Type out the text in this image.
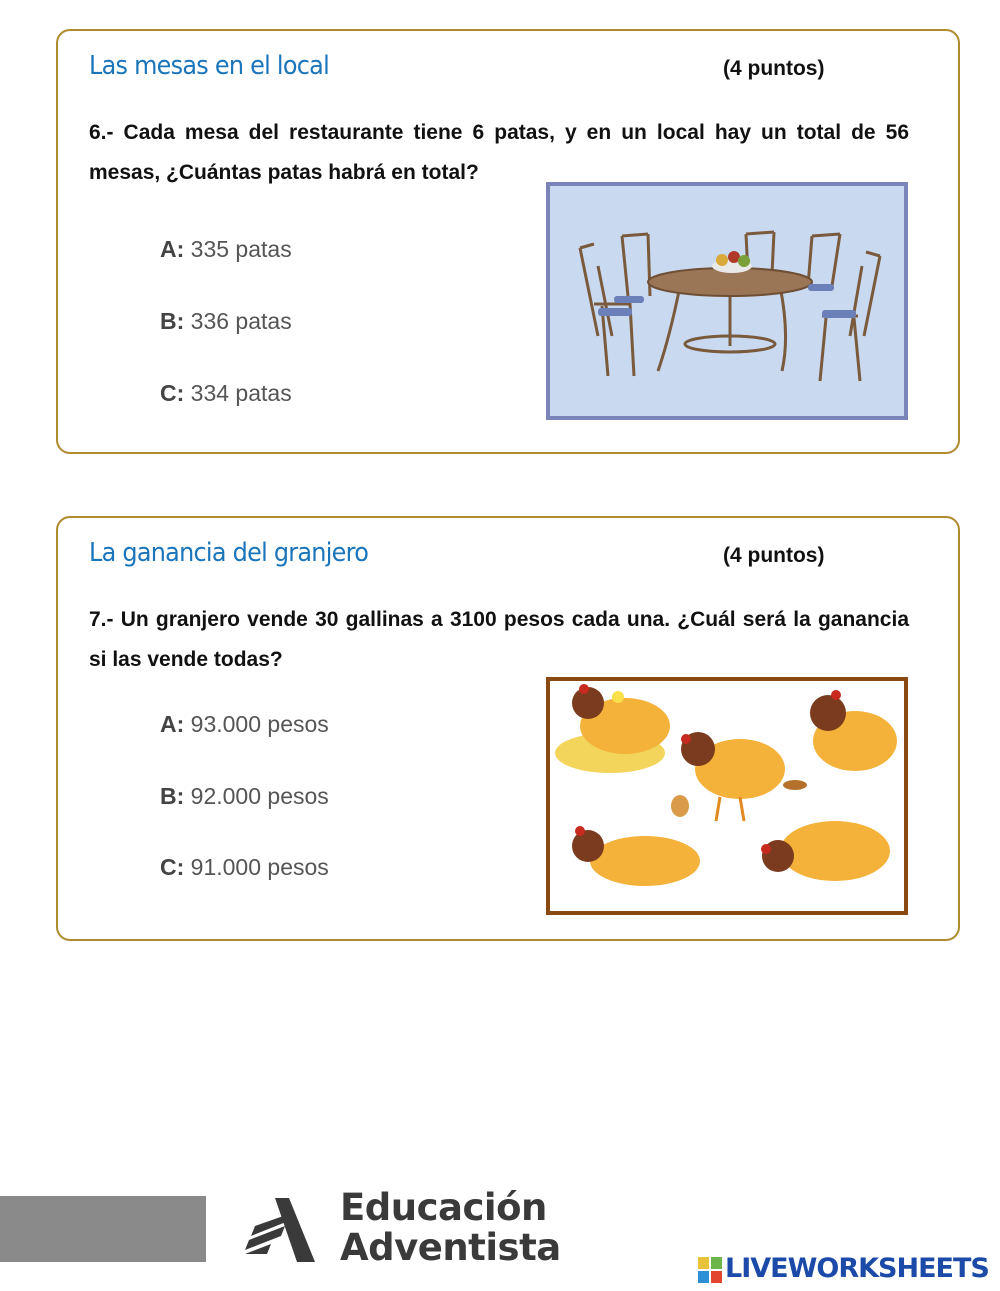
Las mesas en el local	(4 puntos)
6.- Cada mesa del restaurante tiene 6 patas, y en un local hay un total de 56 mesas, ¿Cuántas patas habrá en total?
A: 335 patas
B: 336 patas
C: 334 patas
La ganancia del granjero	(4 puntos)
7.- Un granjero vende 30 gallinas a 3100 pesos cada una. ¿Cuál será la ganancia si las vende todas?
A: 93.000 pesos
B: 92.000 pesos
C: 91.000 pesos
Educación
Adventista	LIVEWORKSHEETS
